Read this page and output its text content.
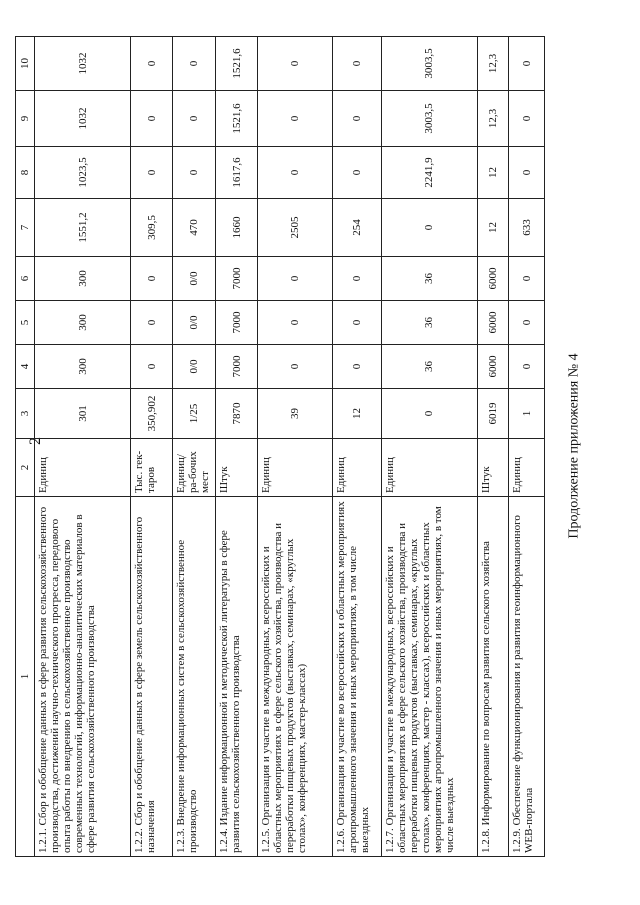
2	Продолжение приложения № 4
1	2	3	4	5	6	7	8	9	10
1.2.1. Сбор и обобщение данных в сфере развития сельскохозяйственного производства, достижений научно-технического прогресса, передового опыта работы по внедрению в сельскохозяйственное производство современных технологий, информационно-аналитических материалов в сфере развития сельскохозяйственного производства	Единиц	301	300	300	300	1551,2	1023,5	1032	1032
1.2.2. Сбор и обобщение данных в сфере земель сельскохозяйственного назначения	Тыс. гек-таров	350,902	0	0	0	309,5	0	0	0
1.2.3. Внедрение информационных систем в сельскохозяйственное производство	Единиц/ра-бочих мест	1/25	0/0	0/0	0/0	470	0	0	0
1.2.4. Издание информационной и методической литературы в сфере развития сельскохозяйственного производства	Штук	7870	7000	7000	7000	1660	1617,6	1521,6	1521,6
1.2.5. Организация и участие в международных, всероссийских и областных мероприятиях в сфере сельского хозяйства, производства и переработки пищевых продуктов (выставках, семинарах, «круглых столах», конференциях, мастер-классах)	Единиц	39	0	0	0	2505	0	0	0
1.2.6. Организация и участие во всероссийских и областных мероприятиях агропромышленного значения и иных мероприятиях, в том числе выездных	Единиц	12	0	0	0	254	0	0	0
1.2.7. Организация и участие в международных, всероссийских и областных мероприятиях в сфере сельского хозяйства, производства и переработки пищевых продуктов (выставках, семинарах, «круглых столах», конференциях, мастер - классах), всероссийских и областных мероприятиях агропромышленного значения и иных мероприятиях, в том числе выездных	Единиц	0	36	36	36	0	2241,9	3003,5	3003,5
1.2.8. Информирование по вопросам развития сельского хозяйства	Штук	6019	6000	6000	6000	12	12	12,3	12,3
1.2.9. Обеспечение функционирования и развития геоинформационного WEB-портала	Единиц	1	0	0	0	633	0	0	0
